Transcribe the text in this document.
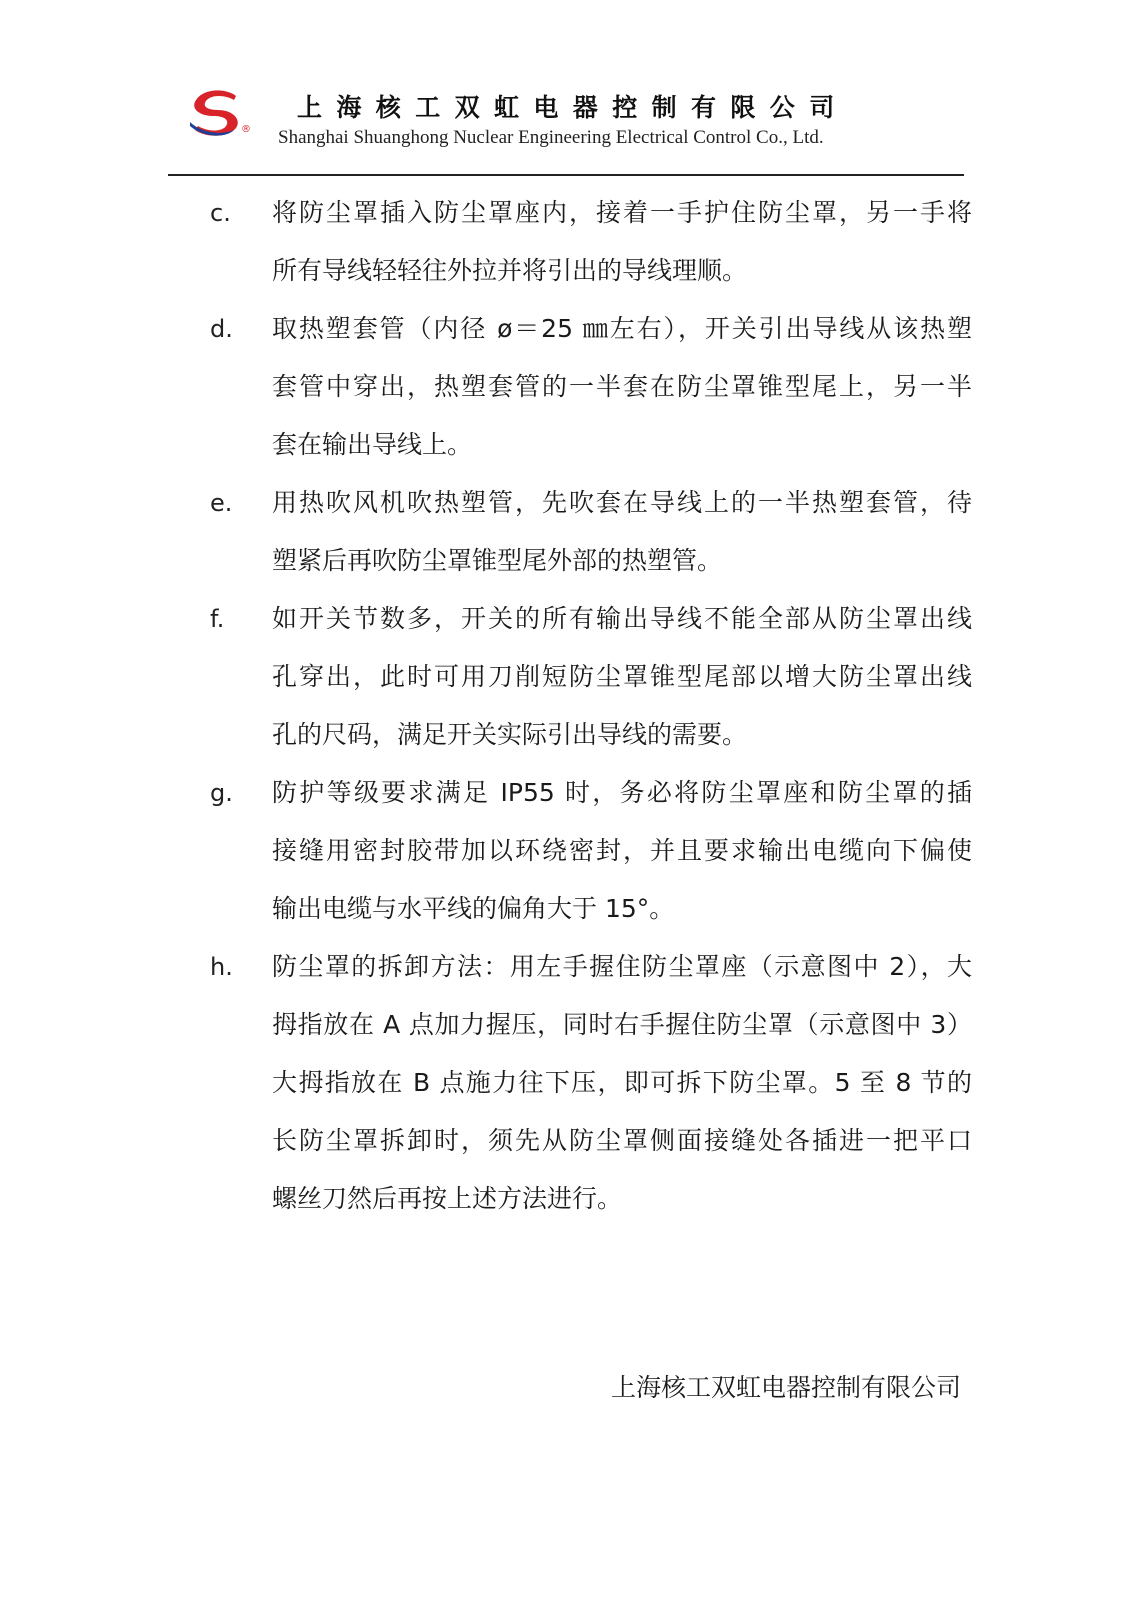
®
上海核工双虹电器控制有限公司
Shanghai Shuanghong Nuclear Engineering Electrical Control Co., Ltd.
c. 将防尘罩插入防尘罩座内，接着一手护住防尘罩，另一手将
所有导线轻轻往外拉并将引出的导线理顺。
d. 取热塑套管（内径 ø＝25 ㎜左右），开关引出导线从该热塑
套管中穿出，热塑套管的一半套在防尘罩锥型尾上，另一半
套在输出导线上。
e. 用热吹风机吹热塑管，先吹套在导线上的一半热塑套管，待
塑紧后再吹防尘罩锥型尾外部的热塑管。
f. 如开关节数多，开关的所有输出导线不能全部从防尘罩出线
孔穿出，此时可用刀削短防尘罩锥型尾部以增大防尘罩出线
孔的尺码，满足开关实际引出导线的需要。
g. 防护等级要求满足 IP55 时，务必将防尘罩座和防尘罩的插
接缝用密封胶带加以环绕密封，并且要求输出电缆向下偏使
输出电缆与水平线的偏角大于 15°。
h. 防尘罩的拆卸方法：用左手握住防尘罩座（示意图中 2），大
拇指放在 A 点加力握压，同时右手握住防尘罩（示意图中 3）
大拇指放在 B 点施力往下压，即可拆下防尘罩。5 至 8 节的
长防尘罩拆卸时，须先从防尘罩侧面接缝处各插进一把平口
螺丝刀然后再按上述方法进行。
上海核工双虹电器控制有限公司
